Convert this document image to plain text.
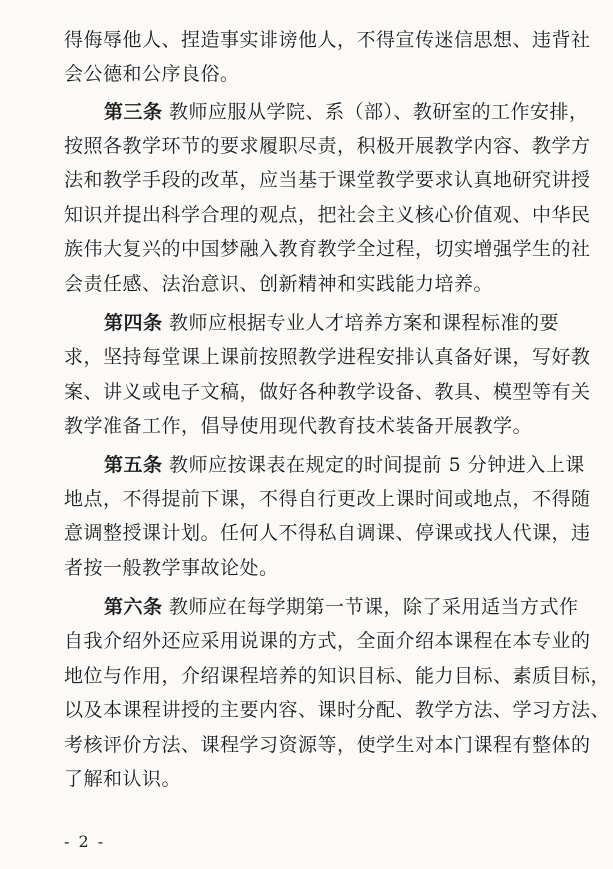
得侮辱他人、捏造事实诽谤他人，不得宣传迷信思想、违背社
会公德和公序良俗。
第三条 教师应服从学院、系（部）、教研室的工作安排，
按照各教学环节的要求履职尽责，积极开展教学内容、教学方
法和教学手段的改革，应当基于课堂教学要求认真地研究讲授
知识并提出科学合理的观点，把社会主义核心价值观、中华民
族伟大复兴的中国梦融入教育教学全过程，切实增强学生的社
会责任感、法治意识、创新精神和实践能力培养。
第四条 教师应根据专业人才培养方案和课程标准的要
求，坚持每堂课上课前按照教学进程安排认真备好课，写好教
案、讲义或电子文稿，做好各种教学设备、教具、模型等有关
教学准备工作，倡导使用现代教育技术装备开展教学。
第五条 教师应按课表在规定的时间提前 5 分钟进入上课
地点，不得提前下课，不得自行更改上课时间或地点，不得随
意调整授课计划。任何人不得私自调课、停课或找人代课，违
者按一般教学事故论处。
第六条 教师应在每学期第一节课，除了采用适当方式作
自我介绍外还应采用说课的方式，全面介绍本课程在本专业的
地位与作用，介绍课程培养的知识目标、能力目标、素质目标，
以及本课程讲授的主要内容、课时分配、教学方法、学习方法、
考核评价方法、课程学习资源等，使学生对本门课程有整体的
了解和认识。
- 2 -
